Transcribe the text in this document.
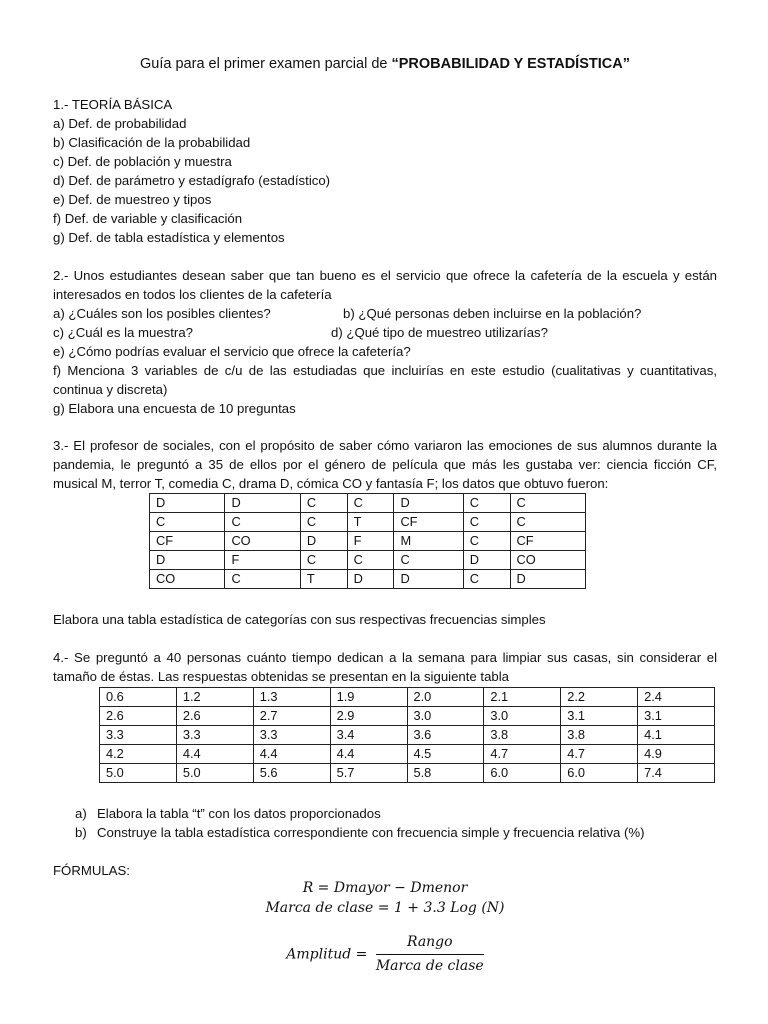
Guía para el primer examen parcial de “PROBABILIDAD Y ESTADÍSTICA”
1.- TEORÍA BÁSICA
a) Def. de probabilidad
b) Clasificación de la probabilidad
c) Def. de población y muestra
d) Def. de parámetro y estadígrafo (estadístico)
e) Def. de muestreo y tipos
f) Def. de variable y clasificación
g) Def. de tabla estadística y elementos
2.- Unos estudiantes desean saber que tan bueno es el servicio que ofrece la cafetería de la escuela y están interesados en todos los clientes de la cafetería
a) ¿Cuáles son los posibles clientes?	b) ¿Qué personas deben incluirse en la población?
c) ¿Cuál es la muestra?	d) ¿Qué tipo de muestreo utilizarías?
e) ¿Cómo podrías evaluar el servicio que ofrece la cafetería?
f) Menciona 3 variables de c/u de las estudiadas que incluirías en este estudio (cualitativas y cuantitativas, continua y discreta)
g) Elabora una encuesta de 10 preguntas
3.- El profesor de sociales, con el propósito de saber cómo variaron las emociones de sus alumnos durante la pandemia, le preguntó a 35 de ellos por el género de película que más les gustaba ver: ciencia ficción CF, musical M, terror T, comedia C, drama D, cómica CO y fantasía F; los datos que obtuvo fueron:
D	D	C	C	D	C	C
C	C	C	T	CF	C	C
CF	CO	D	F	M	C	CF
D	F	C	C	C	D	CO
CO	C	T	D	D	C	D
Elabora una tabla estadística de categorías con sus respectivas frecuencias simples
4.- Se preguntó a 40 personas cuánto tiempo dedican a la semana para limpiar sus casas, sin considerar el tamaño de éstas. Las respuestas obtenidas se presentan en la siguiente tabla
0.6	1.2	1.3	1.9	2.0	2.1	2.2	2.4
2.6	2.6	2.7	2.9	3.0	3.0	3.1	3.1
3.3	3.3	3.3	3.4	3.6	3.8	3.8	4.1
4.2	4.4	4.4	4.4	4.5	4.7	4.7	4.9
5.0	5.0	5.6	5.7	5.8	6.0	6.0	7.4
a) Elabora la tabla “t” con los datos proporcionados
b) Construye la tabla estadística correspondiente con frecuencia simple y frecuencia relativa (%)
FÓRMULAS:
R = Dmayor − Dmenor
Marca de clase = 1 + 3.3 Log (N)
Amplitud = $\frac{\text{Rango}}{\text{Marca de clase}}$
